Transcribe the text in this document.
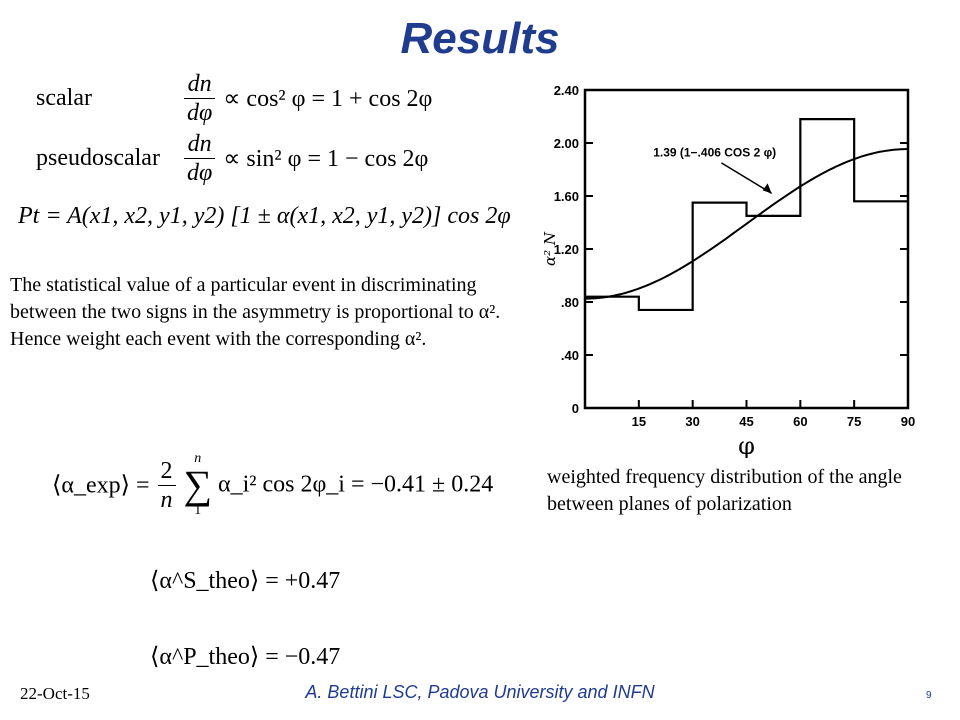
Results
scalar	$\frac{dn}{d\varphi} \propto \cos^2$ φ = 1 + cos 2φ
pseudoscalar $\frac{dn}{d\varphi} \propto \sin^2$ φ = 1 − cos 2φ
Pt = A(x1, x2, y1, y2) [1 ± α(x1, x2, y1, y2)] cos 2φ
The statistical value of a particular event in discriminating between the two signs in the asymmetry is proportional to α². Hence weight each event with the corresponding α².
⟨α_exp⟩ = $\frac{2}{n}$
	n
∑
1
α_i² cos 2φ_i = −0.41 ± 0.24
⟨α^S_theo⟩ = +0.47
⟨α^P_theo⟩ = −0.47
0
.40
.80
1.20
1.60
2.00
2.40
15	30	45	60	75	90
φ
α² N
1.39 (1−.406 COS 2 φ)
weighted frequency distribution of the angle between planes of polarization
22-Oct-15	A. Bettini LSC, Padova University and INFN	9
